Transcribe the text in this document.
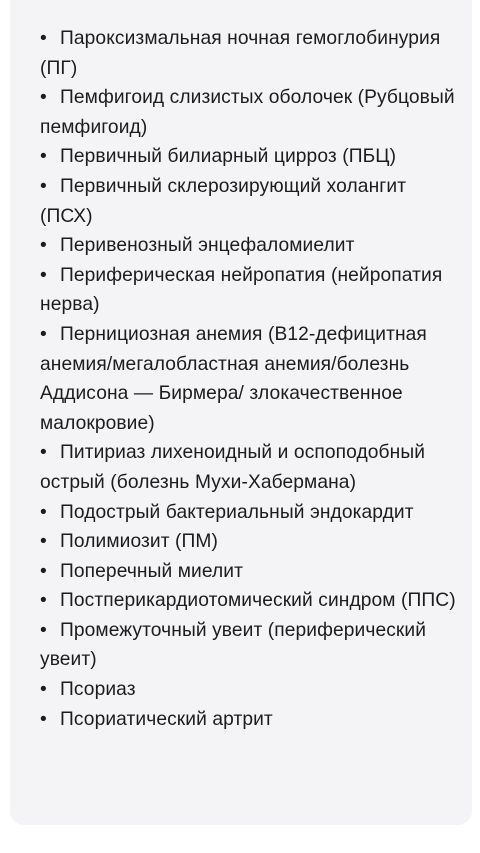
• Пароксизмальная ночная гемоглобинурия (ПГ)
• Пемфигоид слизистых оболочек (Рубцовый пемфигоид)
• Первичный билиарный цирроз (ПБЦ)
• Первичный склерозирующий холангит (ПСХ)
• Перивенозный энцефаломиелит
• Периферическая нейропатия (нейропатия нерва)
• Пернициозная анемия (В12-дефицитная анемия/мегалобластная анемия/болезнь Аддисона — Бирмера/ злокачественное малокровие)
• Питириаз лихеноидный и оспоподобный острый (болезнь Мухи-Хабермана)
• Подострый бактериальный эндокардит
• Полимиозит (ПМ)
• Поперечный миелит
• Постперикардиотомический синдром (ППС)
• Промежуточный увеит (периферический увеит)
• Псориаз
• Псориатический артрит
